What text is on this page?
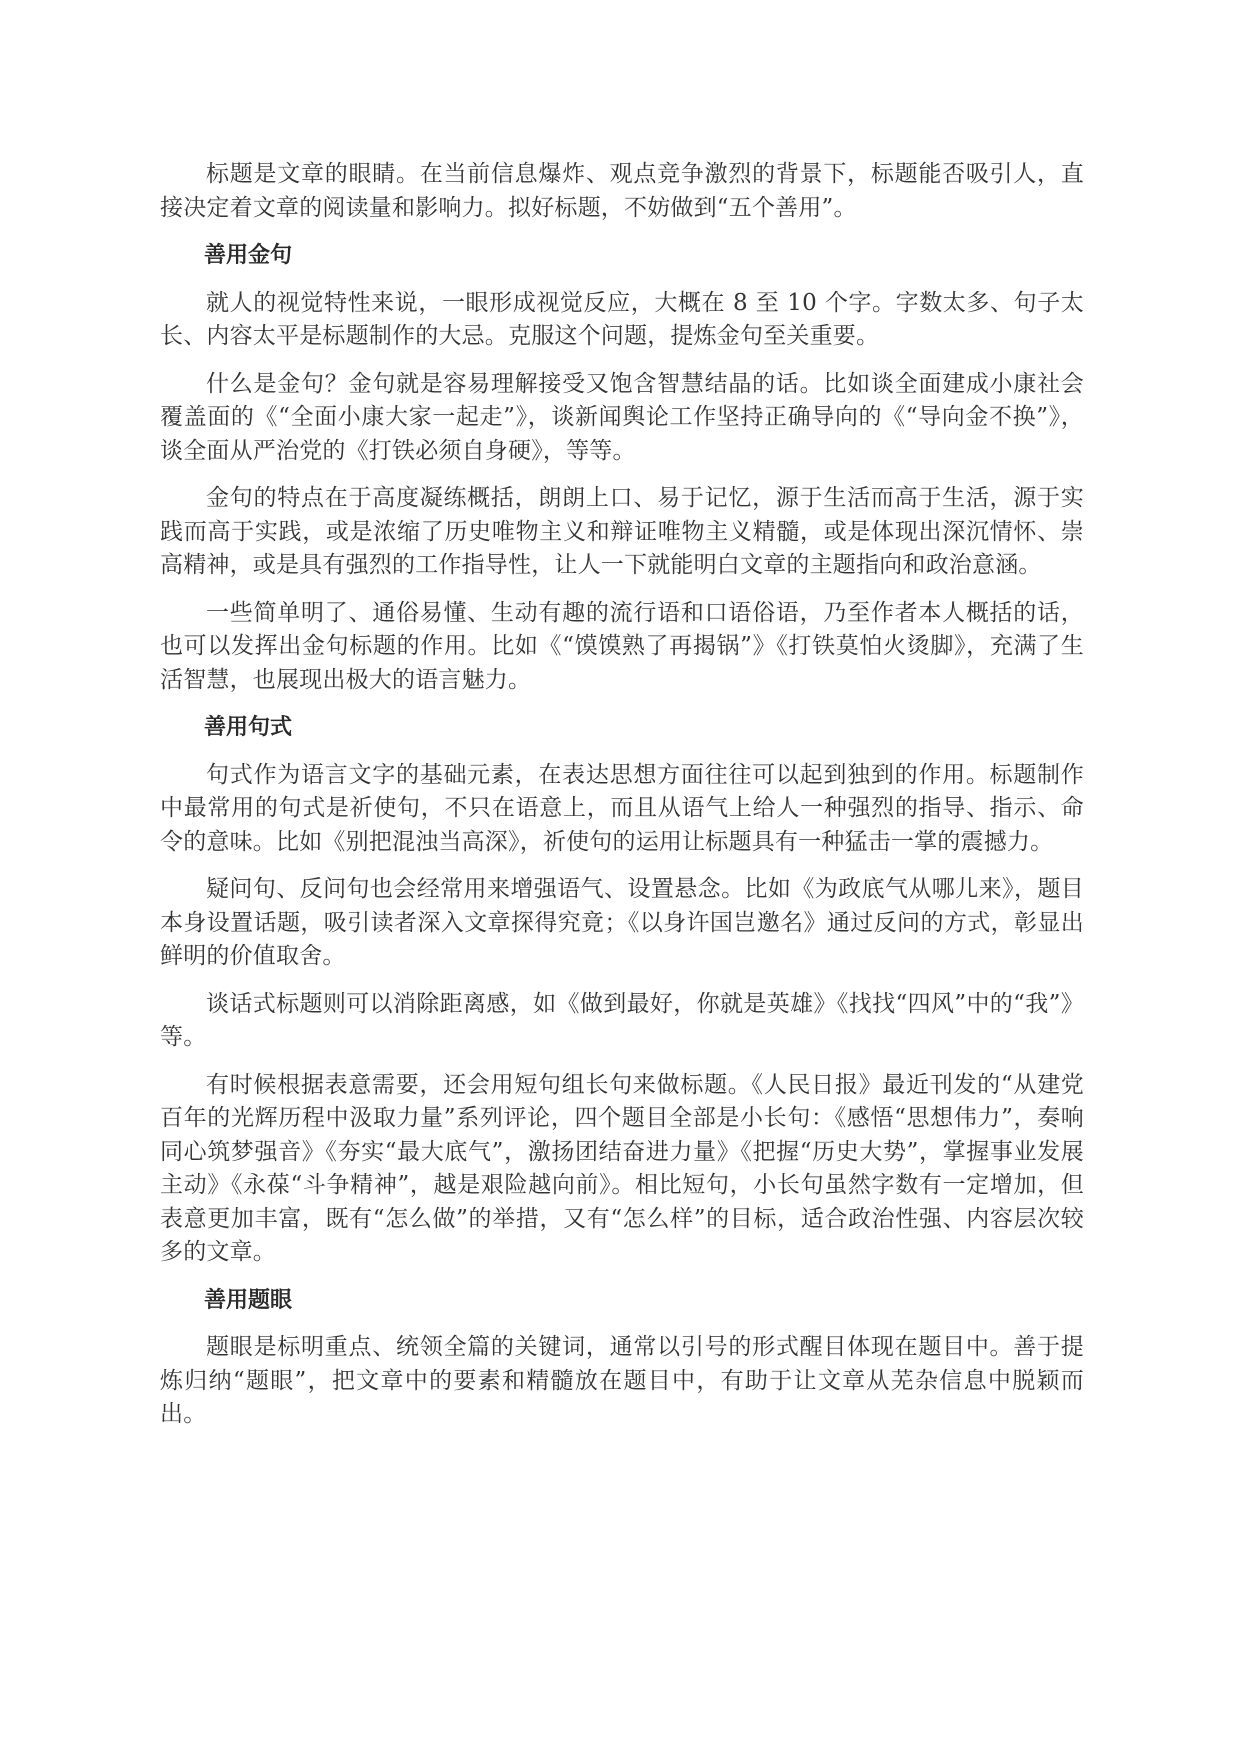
标题是文章的眼睛。在当前信息爆炸、观点竞争激烈的背景下，标题能否吸引人，直接决定着文章的阅读量和影响力。拟好标题，不妨做到“五个善用”。

善用金句

就人的视觉特性来说，一眼形成视觉反应，大概在 8 至 10 个字。字数太多、句子太长、内容太平是标题制作的大忌。克服这个问题，提炼金句至关重要。

什么是金句？金句就是容易理解接受又饱含智慧结晶的话。比如谈全面建成小康社会覆盖面的《“全面小康大家一起走”》，谈新闻舆论工作坚持正确导向的《“导向金不换”》，谈全面从严治党的《打铁必须自身硬》，等等。

金句的特点在于高度凝练概括，朗朗上口、易于记忆，源于生活而高于生活，源于实践而高于实践，或是浓缩了历史唯物主义和辩证唯物主义精髓，或是体现出深沉情怀、崇高精神，或是具有强烈的工作指导性，让人一下就能明白文章的主题指向和政治意涵。

一些简单明了、通俗易懂、生动有趣的流行语和口语俗语，乃至作者本人概括的话，也可以发挥出金句标题的作用。比如《“馍馍熟了再揭锅”》《打铁莫怕火烫脚》，充满了生活智慧，也展现出极大的语言魅力。

善用句式

句式作为语言文字的基础元素，在表达思想方面往往可以起到独到的作用。标题制作中最常用的句式是祈使句，不只在语意上，而且从语气上给人一种强烈的指导、指示、命令的意味。比如《别把混浊当高深》，祈使句的运用让标题具有一种猛击一掌的震撼力。

疑问句、反问句也会经常用来增强语气、设置悬念。比如《为政底气从哪儿来》，题目本身设置话题，吸引读者深入文章探得究竟；《以身许国岂邀名》通过反问的方式，彰显出鲜明的价值取舍。

谈话式标题则可以消除距离感，如《做到最好，你就是英雄》《找找“四风”中的“我”》等。

有时候根据表意需要，还会用短句组长句来做标题。《人民日报》最近刊发的“从建党百年的光辉历程中汲取力量”系列评论，四个题目全部是小长句：《感悟“思想伟力”，奏响同心筑梦强音》《夯实“最大底气”，激扬团结奋进力量》《把握“历史大势”，掌握事业发展主动》《永葆“斗争精神”，越是艰险越向前》。相比短句，小长句虽然字数有一定增加，但表意更加丰富，既有“怎么做”的举措，又有“怎么样”的目标，适合政治性强、内容层次较多的文章。

善用题眼

题眼是标明重点、统领全篇的关键词，通常以引号的形式醒目体现在题目中。善于提炼归纳“题眼”，把文章中的要素和精髓放在题目中，有助于让文章从芜杂信息中脱颖而出。
